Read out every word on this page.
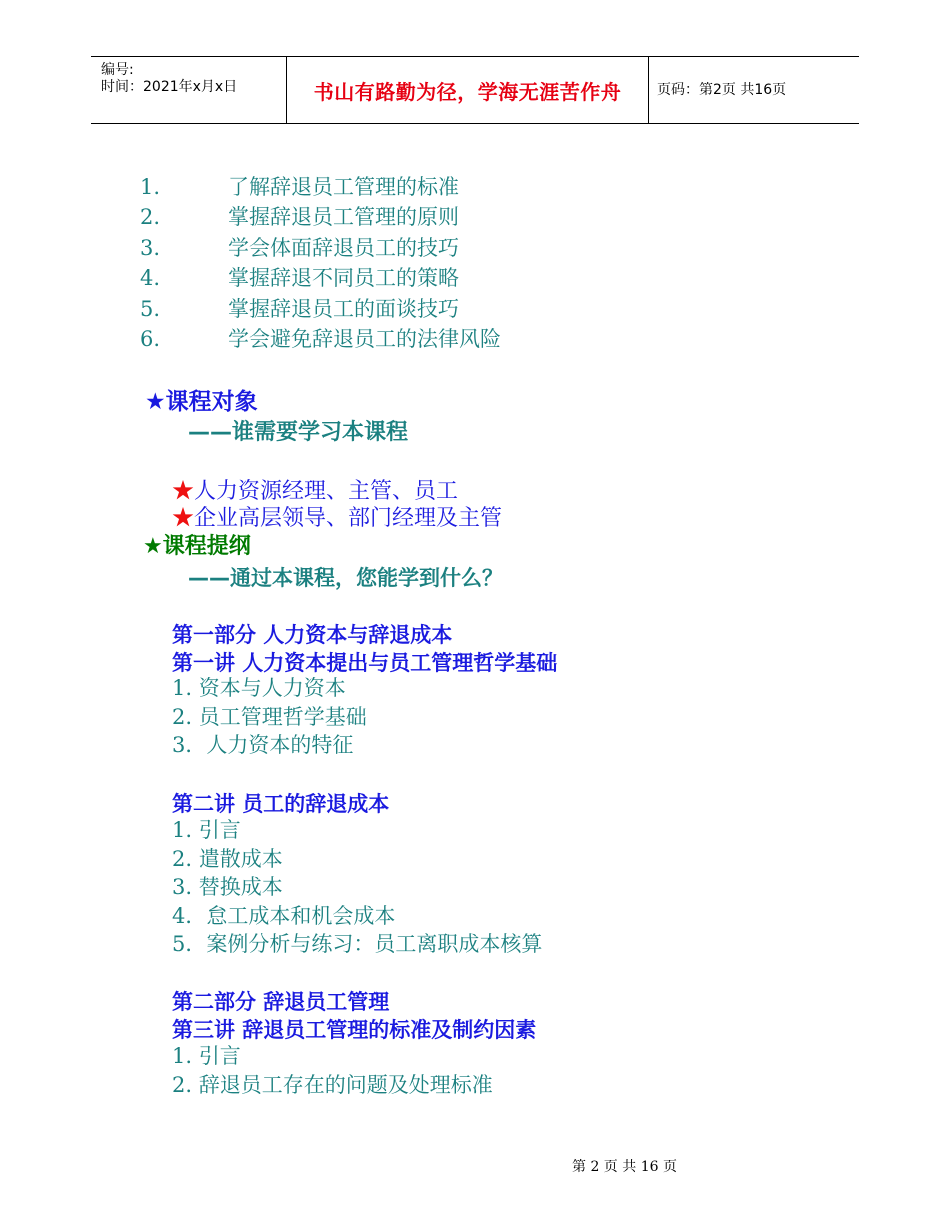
编号:
时间：2021年x月x日	书山有路勤为径，学海无涯苦作舟	页码：第2页 共16页
1.	了解辞退员工管理的标准
2.	掌握辞退员工管理的原则
3.	学会体面辞退员工的技巧
4.	掌握辞退不同员工的策略
5.	掌握辞退员工的面谈技巧
6.	学会避免辞退员工的法律风险
★课程对象
——谁需要学习本课程
★人力资源经理、主管、员工
★企业高层领导、部门经理及主管
★课程提纲
——通过本课程，您能学到什么？
第一部分 人力资本与辞退成本
第一讲 人力资本提出与员工管理哲学基础
1. 资本与人力资本
2. 员工管理哲学基础
3．人力资本的特征
第二讲 员工的辞退成本
1. 引言
2. 遣散成本
3. 替换成本
4．怠工成本和机会成本
5．案例分析与练习：员工离职成本核算
第二部分 辞退员工管理
第三讲 辞退员工管理的标准及制约因素
1. 引言
2. 辞退员工存在的问题及处理标准
第 2 页 共 16 页
